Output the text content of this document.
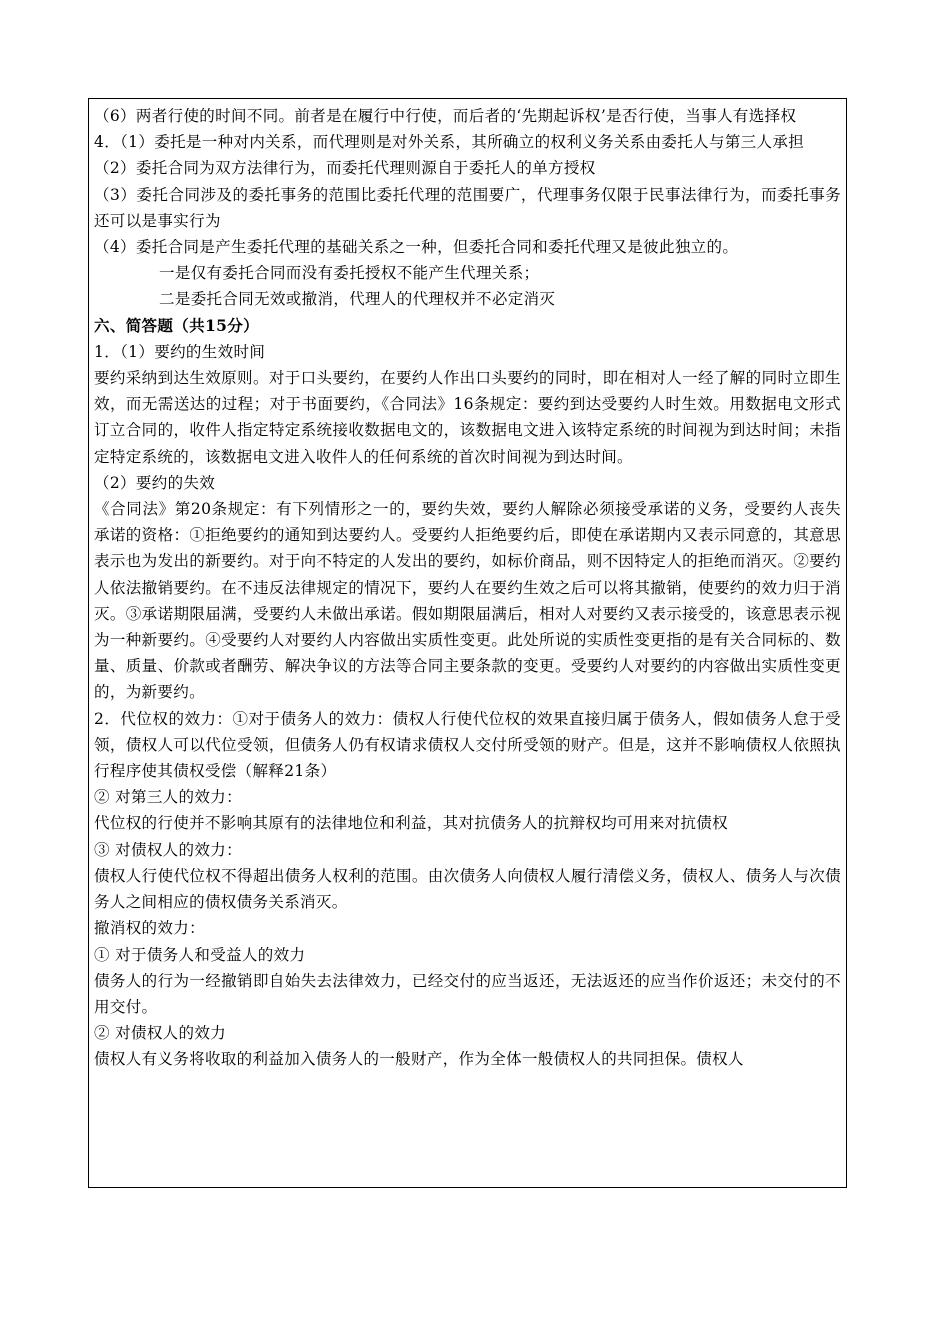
（6）两者行使的时间不同。前者是在履行中行使，而后者的‘先期起诉权’是否行使，当事人有选择权
4．（1）委托是一种对内关系，而代理则是对外关系，其所确立的权利义务关系由委托人与第三人承担
（2）委托合同为双方法律行为，而委托代理则源自于委托人的单方授权
（3）委托合同涉及的委托事务的范围比委托代理的范围要广，代理事务仅限于民事法律行为，而委托事务还可以是事实行为
（4）委托合同是产生委托代理的基础关系之一种，但委托合同和委托代理又是彼此独立的。
一是仅有委托合同而没有委托授权不能产生代理关系；
二是委托合同无效或撤消，代理人的代理权并不必定消灭
六、简答题（共15分）
1．（1）要约的生效时间
要约采纳到达生效原则。对于口头要约，在要约人作出口头要约的同时，即在相对人一经了解的同时立即生效，而无需送达的过程；对于书面要约，《合同法》16条规定：要约到达受要约人时生效。用数据电文形式订立合同的，收件人指定特定系统接收数据电文的，该数据电文进入该特定系统的时间视为到达时间；未指定特定系统的，该数据电文进入收件人的任何系统的首次时间视为到达时间。
（2）要约的失效
《合同法》第20条规定：有下列情形之一的，要约失效，要约人解除必须接受承诺的义务，受要约人丧失承诺的资格：①拒绝要约的通知到达要约人。受要约人拒绝要约后，即使在承诺期内又表示同意的，其意思表示也为发出的新要约。对于向不特定的人发出的要约，如标价商品，则不因特定人的拒绝而消灭。②要约人依法撤销要约。在不违反法律规定的情况下，要约人在要约生效之后可以将其撤销，使要约的效力归于消灭。③承诺期限届满，受要约人未做出承诺。假如期限届满后，相对人对要约又表示接受的，该意思表示视为一种新要约。④受要约人对要约人内容做出实质性变更。此处所说的实质性变更指的是有关合同标的、数量、质量、价款或者酬劳、解决争议的方法等合同主要条款的变更。受要约人对要约的内容做出实质性变更的，为新要约。
2．代位权的效力：①对于债务人的效力：债权人行使代位权的效果直接归属于债务人，假如债务人怠于受领，债权人可以代位受领，但债务人仍有权请求债权人交付所受领的财产。但是，这并不影响债权人依照执行程序使其债权受偿（解释21条）
② 对第三人的效力：
代位权的行使并不影响其原有的法律地位和利益，其对抗债务人的抗辩权均可用来对抗债权
③ 对债权人的效力：
债权人行使代位权不得超出债务人权利的范围。由次债务人向债权人履行清偿义务，债权人、债务人与次债务人之间相应的债权债务关系消灭。
撤消权的效力：
① 对于债务人和受益人的效力
债务人的行为一经撤销即自始失去法律效力，已经交付的应当返还，无法返还的应当作价返还；未交付的不用交付。
② 对债权人的效力
债权人有义务将收取的利益加入债务人的一般财产，作为全体一般债权人的共同担保。债权人
